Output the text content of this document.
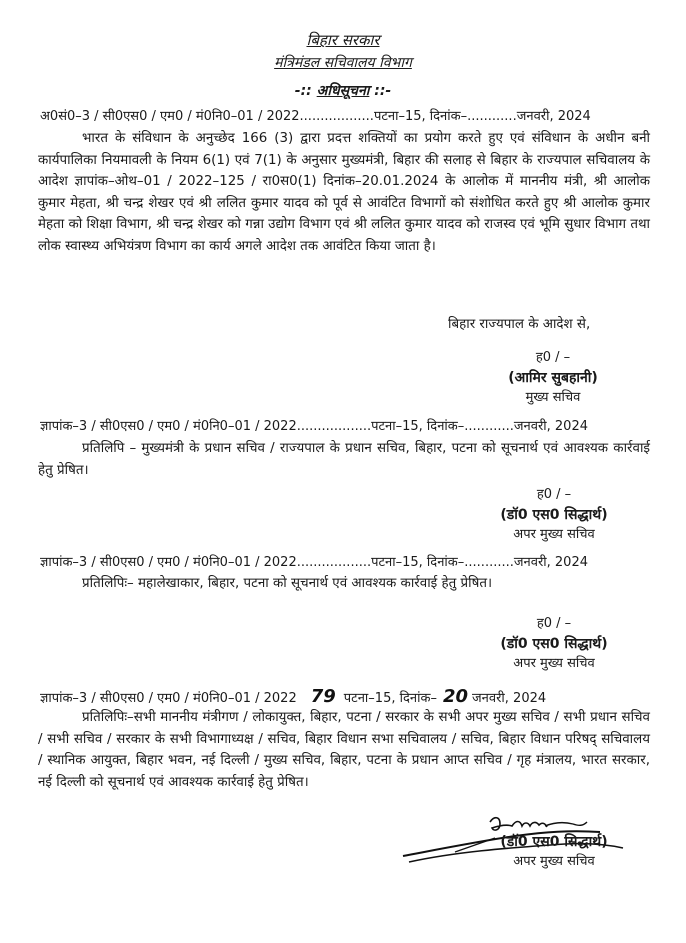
बिहार सरकार
मंत्रिमंडल सचिवालय विभाग
-:: अधिसूचना ::-
अ0सं0–3 / सी0एस0 / एम0 / मं0नि0–01 / 2022..................पटना–15, दिनांक–............जनवरी, 2024
भारत के संविधान के अनुच्छेद 166 (3) द्वारा प्रदत्त शक्तियों का प्रयोग करते हुए एवं संविधान के अधीन बनी कार्यपालिका नियमावली के नियम 6(1) एवं 7(1) के अनुसार मुख्यमंत्री, बिहार की सलाह से बिहार के राज्यपाल सचिवालय के आदेश ज्ञापांक–ओथ–01 / 2022–125 / रा0स0(1) दिनांक–20.01.2024 के आलोक में माननीय मंत्री, श्री आलोक कुमार मेहता, श्री चन्द्र शेखर एवं श्री ललित कुमार यादव को पूर्व से आवंटित विभागों को संशोधित करते हुए श्री आलोक कुमार मेहता को शिक्षा विभाग, श्री चन्द्र शेखर को गन्ना उद्योग विभाग एवं श्री ललित कुमार यादव को राजस्व एवं भूमि सुधार विभाग तथा लोक स्वास्थ्य अभियंत्रण विभाग का कार्य अगले आदेश तक आवंटित किया जाता है।
बिहार राज्यपाल के आदेश से,
ह0 / –
(आमिर सुबहानी)
मुख्य सचिव
ज्ञापांक–3 / सी0एस0 / एम0 / मं0नि0–01 / 2022..................पटना–15, दिनांक–............जनवरी, 2024
प्रतिलिपि – मुख्यमंत्री के प्रधान सचिव / राज्यपाल के प्रधान सचिव, बिहार, पटना को सूचनार्थ एवं आवश्यक कार्रवाई हेतु प्रेषित।
ह0 / –
(डॉ0 एस0 सिद्धार्थ)
अपर मुख्य सचिव
ज्ञापांक–3 / सी0एस0 / एम0 / मं0नि0–01 / 2022..................पटना–15, दिनांक–............जनवरी, 2024
प्रतिलिपिः– महालेखाकार, बिहार, पटना को सूचनार्थ एवं आवश्यक कार्रवाई हेतु प्रेषित।
ह0 / –
(डॉ0 एस0 सिद्धार्थ)
अपर मुख्य सचिव
ज्ञापांक–3 / सी0एस0 / एम0 / मं0नि0–01 / 2022 79 पटना–15, दिनांक– 20 जनवरी, 2024
प्रतिलिपिः–सभी माननीय मंत्रीगण / लोकायुक्त, बिहार, पटना / सरकार के सभी अपर मुख्य सचिव / सभी प्रधान सचिव / सभी सचिव / सरकार के सभी विभागाध्यक्ष / सचिव, बिहार विधान सभा सचिवालय / सचिव, बिहार विधान परिषद् सचिवालय / स्थानिक आयुक्त, बिहार भवन, नई दिल्ली / मुख्य सचिव, बिहार, पटना के प्रधान आप्त सचिव / गृह मंत्रालय, भारत सरकार, नई दिल्ली को सूचनार्थ एवं आवश्यक कार्रवाई हेतु प्रेषित।
(डॉ0 एस0 सिद्धार्थ)
अपर मुख्य सचिव
